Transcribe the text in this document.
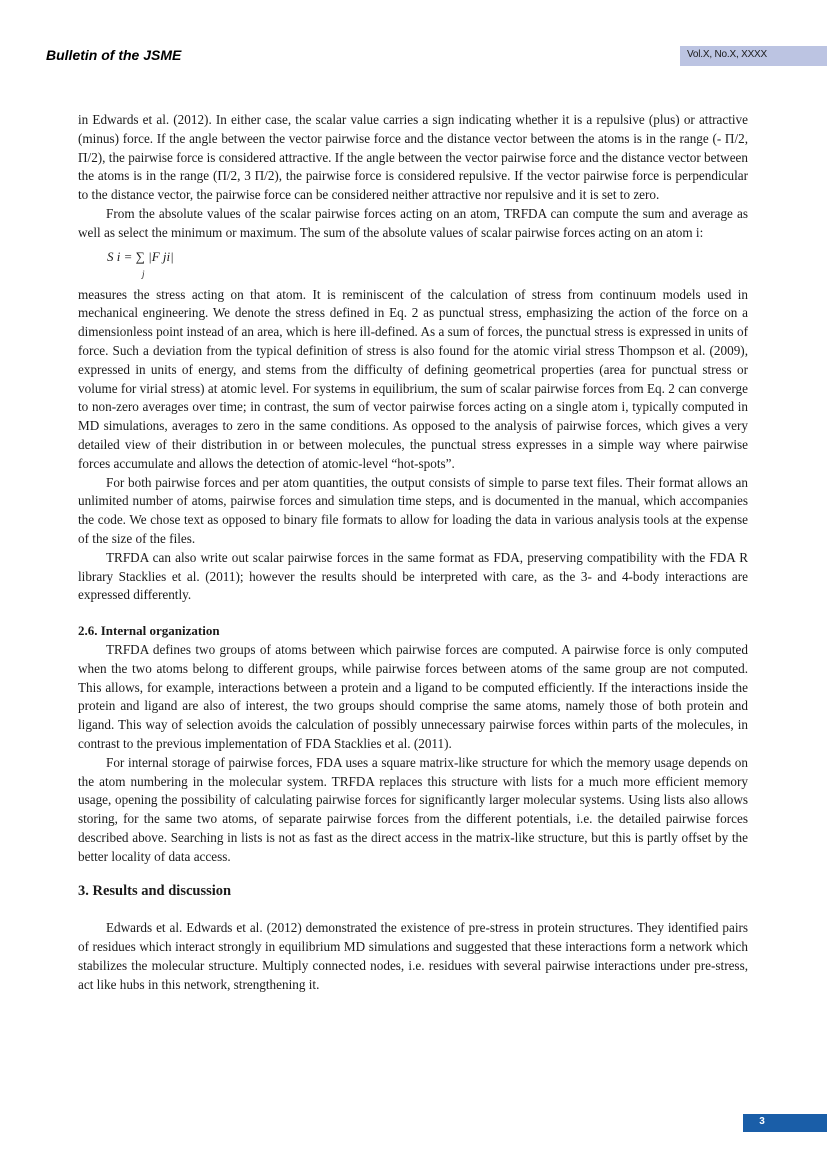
Bulletin of the JSME	Vol.X, No.X, XXXX

in Edwards et al. (2012). In either case, the scalar value carries a sign indicating whether it is a repulsive (plus) or attractive (minus) force. If the angle between the vector pairwise force and the distance vector between the atoms is in the range (- Π/2, Π/2), the pairwise force is considered attractive. If the angle between the vector pairwise force and the distance vector between the atoms is in the range (Π/2, 3 Π/2), the pairwise force is considered repulsive. If the vector pairwise force is perpendicular to the distance vector, the pairwise force can be considered neither attractive nor repulsive and it is set to zero.

From the absolute values of the scalar pairwise forces acting on an atom, TRFDA can compute the sum and average as well as select the minimum or maximum. The sum of the absolute values of scalar pairwise forces acting on an atom i:

S i = ∑ |F ji|
j

measures the stress acting on that atom. It is reminiscent of the calculation of stress from continuum models used in mechanical engineering. We denote the stress defined in Eq. 2 as punctual stress, emphasizing the action of the force on a dimensionless point instead of an area, which is here ill-defined. As a sum of forces, the punctual stress is expressed in units of force. Such a deviation from the typical definition of stress is also found for the atomic virial stress Thompson et al. (2009), expressed in units of energy, and stems from the difficulty of defining geometrical properties (area for punctual stress or volume for virial stress) at atomic level. For systems in equilibrium, the sum of scalar pairwise forces from Eq. 2 can converge to non-zero averages over time; in contrast, the sum of vector pairwise forces acting on a single atom i, typically computed in MD simulations, averages to zero in the same conditions. As opposed to the analysis of pairwise forces, which gives a very detailed view of their distribution in or between molecules, the punctual stress expresses in a simple way where pairwise forces accumulate and allows the detection of atomic-level “hot-spots”.

For both pairwise forces and per atom quantities, the output consists of simple to parse text files. Their format allows an unlimited number of atoms, pairwise forces and simulation time steps, and is documented in the manual, which accompanies the code. We chose text as opposed to binary file formats to allow for loading the data in various analysis tools at the expense of the size of the files.

TRFDA can also write out scalar pairwise forces in the same format as FDA, preserving compatibility with the FDA R library Stacklies et al. (2011); however the results should be interpreted with care, as the 3- and 4-body interactions are expressed differently.

2.6. Internal organization

TRFDA defines two groups of atoms between which pairwise forces are computed. A pairwise force is only computed when the two atoms belong to different groups, while pairwise forces between atoms of the same group are not computed. This allows, for example, interactions between a protein and a ligand to be computed efficiently. If the interactions inside the protein and ligand are also of interest, the two groups should comprise the same atoms, namely those of both protein and ligand. This way of selection avoids the calculation of possibly unnecessary pairwise forces within parts of the molecules, in contrast to the previous implementation of FDA Stacklies et al. (2011).

For internal storage of pairwise forces, FDA uses a square matrix-like structure for which the memory usage depends on the atom numbering in the molecular system. TRFDA replaces this structure with lists for a much more efficient memory usage, opening the possibility of calculating pairwise forces for significantly larger molecular systems. Using lists also allows storing, for the same two atoms, of separate pairwise forces from the different potentials, i.e. the detailed pairwise forces described above. Searching in lists is not as fast as the direct access in the matrix-like structure, but this is partly offset by the better locality of data access.

3. Results and discussion

Edwards et al. Edwards et al. (2012) demonstrated the existence of pre-stress in protein structures. They identified pairs of residues which interact strongly in equilibrium MD simulations and suggested that these interactions form a network which stabilizes the molecular structure. Multiply connected nodes, i.e. residues with several pairwise interactions under pre-stress, act like hubs in this network, strengthening it.

3
